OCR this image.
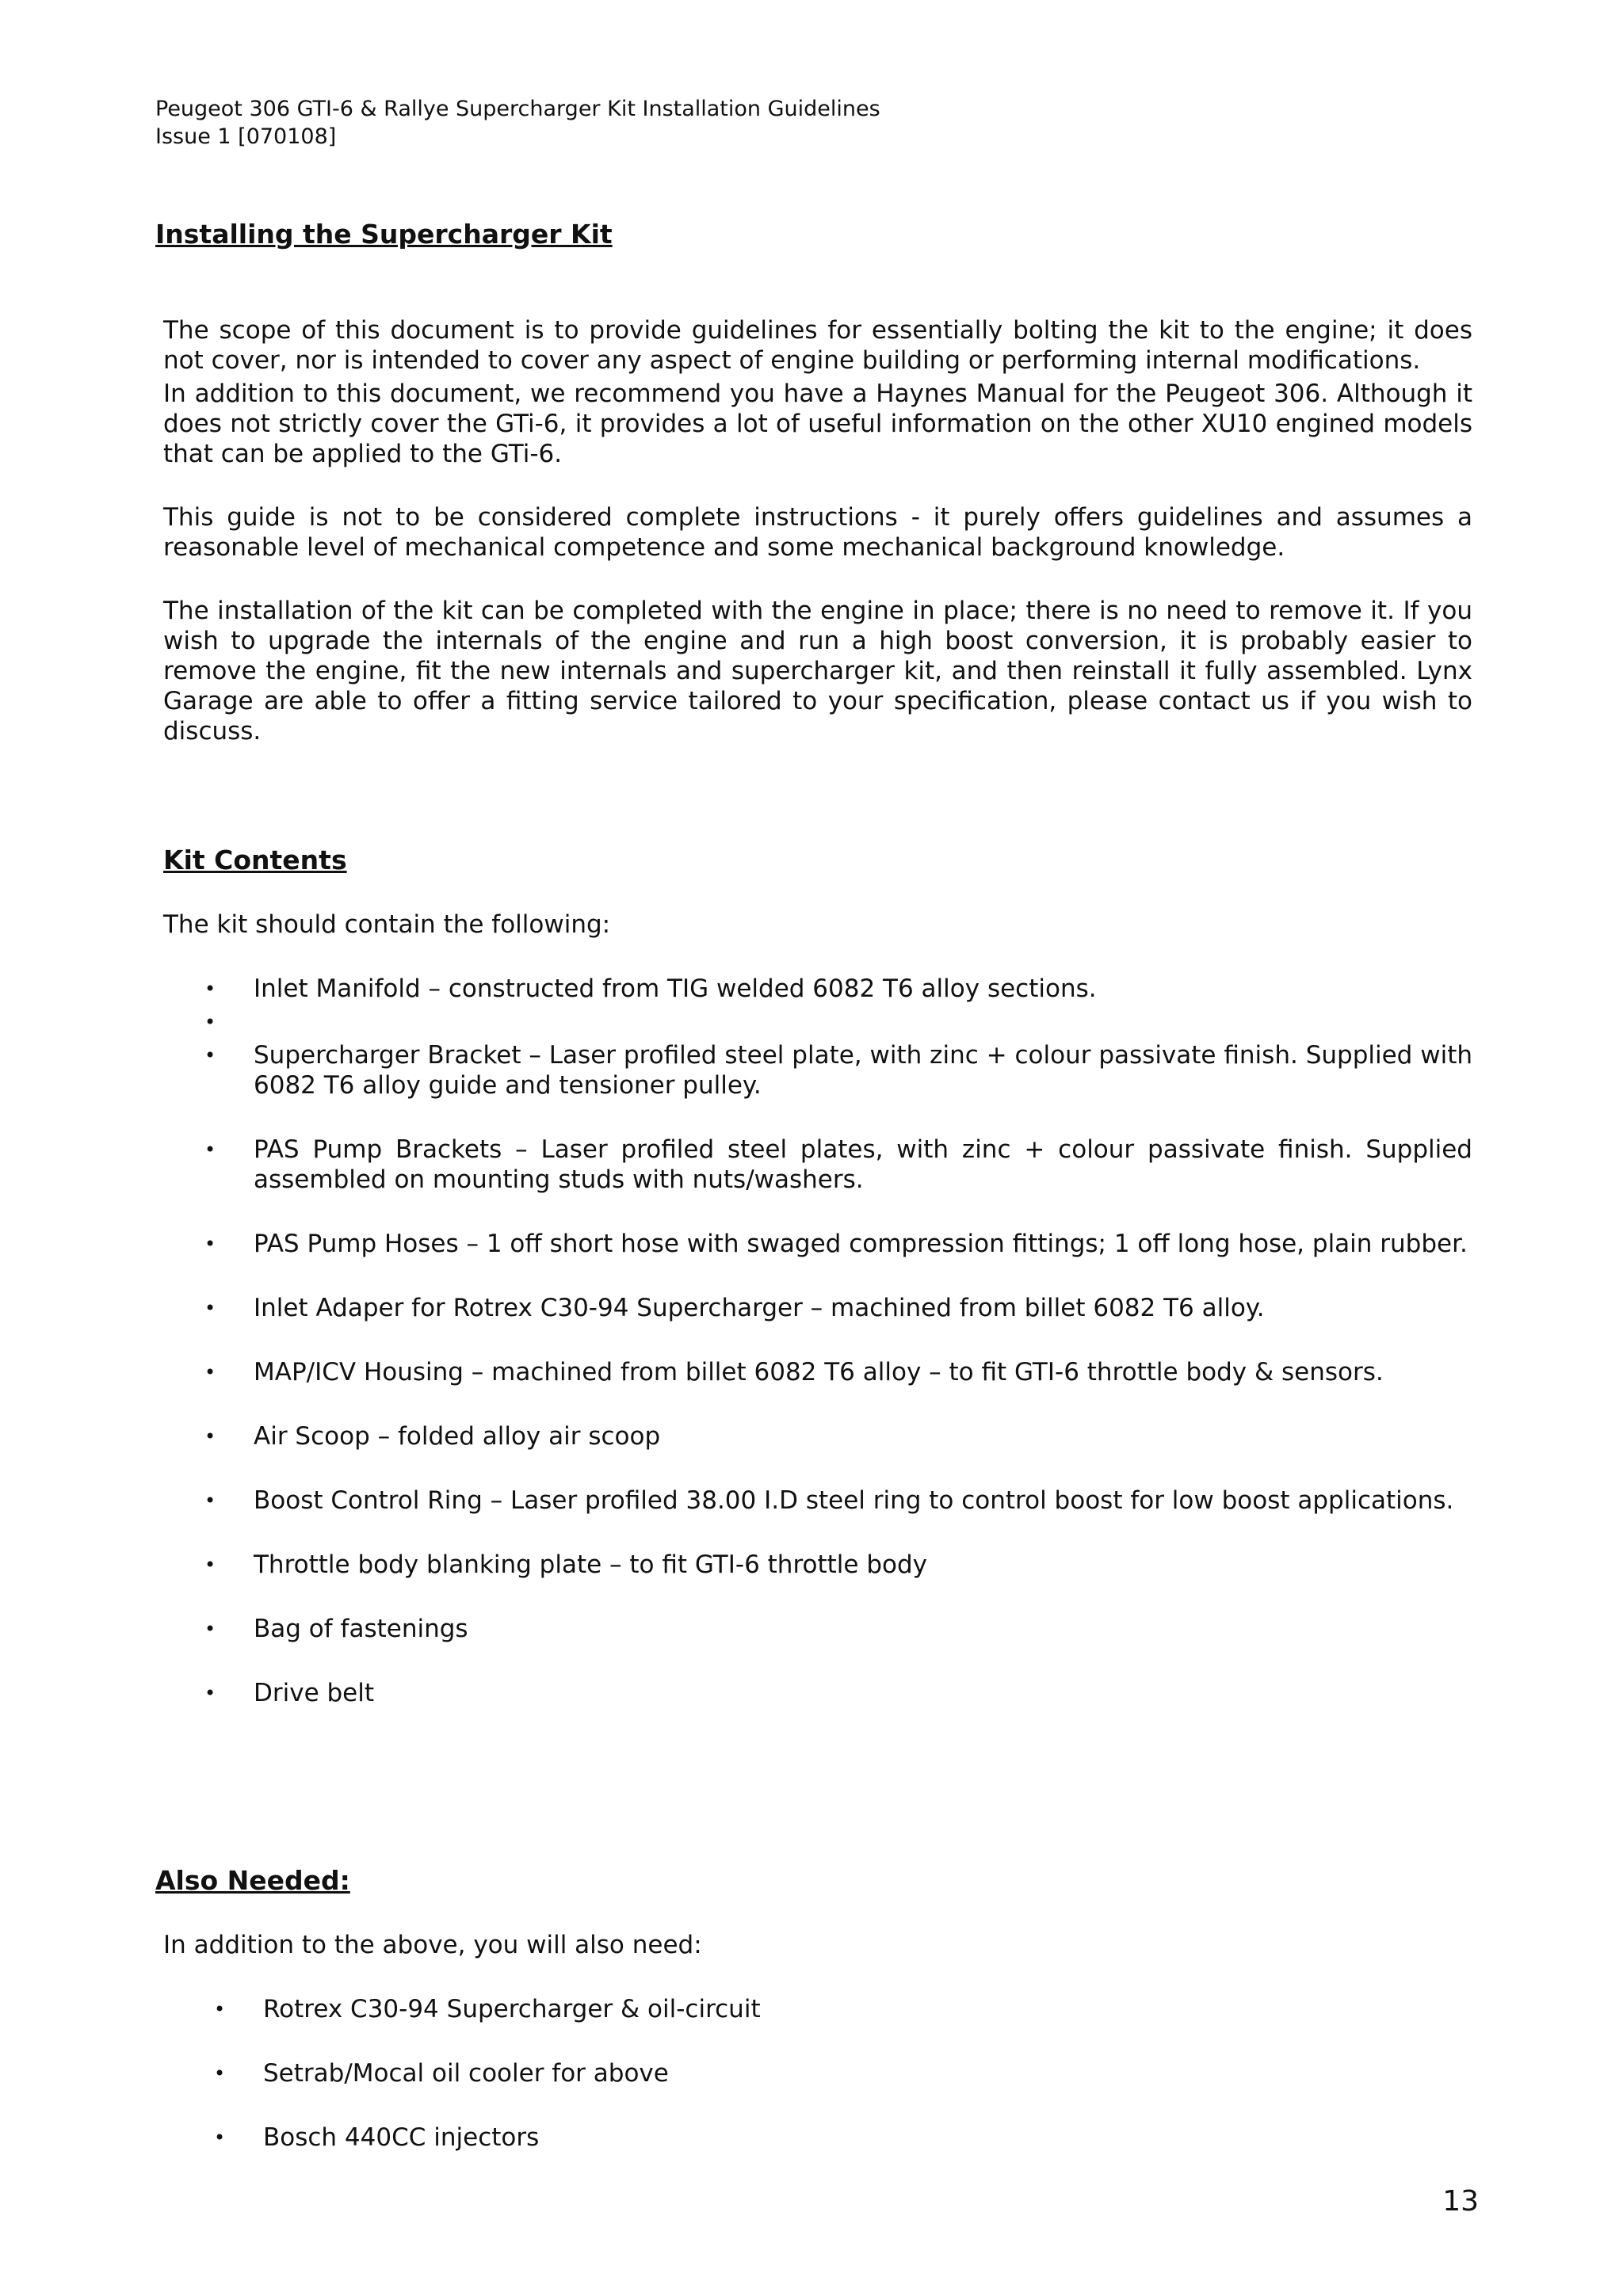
Peugeot 306 GTI-6 & Rallye Supercharger Kit Installation Guidelines
Issue 1 [070108]
Installing the Supercharger Kit

The scope of this document is to provide guidelines for essentially bolting the kit to the engine; it does not cover, nor is intended to cover any aspect of engine building or performing internal modifications.

In addition to this document, we recommend you have a Haynes Manual for the Peugeot 306. Although it does not strictly cover the GTi-6, it provides a lot of useful information on the other XU10 engined models that can be applied to the GTi-6.

This guide is not to be considered complete instructions - it purely offers guidelines and assumes a reasonable level of mechanical competence and some mechanical background knowledge.

The installation of the kit can be completed with the engine in place; there is no need to remove it. If you wish to upgrade the internals of the engine and run a high boost conversion, it is probably easier to remove the engine, fit the new internals and supercharger kit, and then reinstall it fully assembled. Lynx Garage are able to offer a fitting service tailored to your specification, please contact us if you wish to discuss.

Kit Contents
The kit should contain the following:
• Inlet Manifold – constructed from TIG welded 6082 T6 alloy sections.
•
• Supercharger Bracket – Laser profiled steel plate, with zinc + colour passivate finish. Supplied with 6082 T6 alloy guide and tensioner pulley.
• PAS Pump Brackets – Laser profiled steel plates, with zinc + colour passivate finish. Supplied assembled on mounting studs with nuts/washers.
• PAS Pump Hoses – 1 off short hose with swaged compression fittings; 1 off long hose, plain rubber.
• Inlet Adaper for Rotrex C30-94 Supercharger – machined from billet 6082 T6 alloy.
• MAP/ICV Housing – machined from billet 6082 T6 alloy – to fit GTI-6 throttle body & sensors.
• Air Scoop – folded alloy air scoop
• Boost Control Ring – Laser profiled 38.00 I.D steel ring to control boost for low boost applications.
• Throttle body blanking plate – to fit GTI-6 throttle body
• Bag of fastenings
• Drive belt
Also Needed:
In addition to the above, you will also need:
• Rotrex C30-94 Supercharger & oil-circuit
• Setrab/Mocal oil cooler for above
• Bosch 440CC injectors
13
